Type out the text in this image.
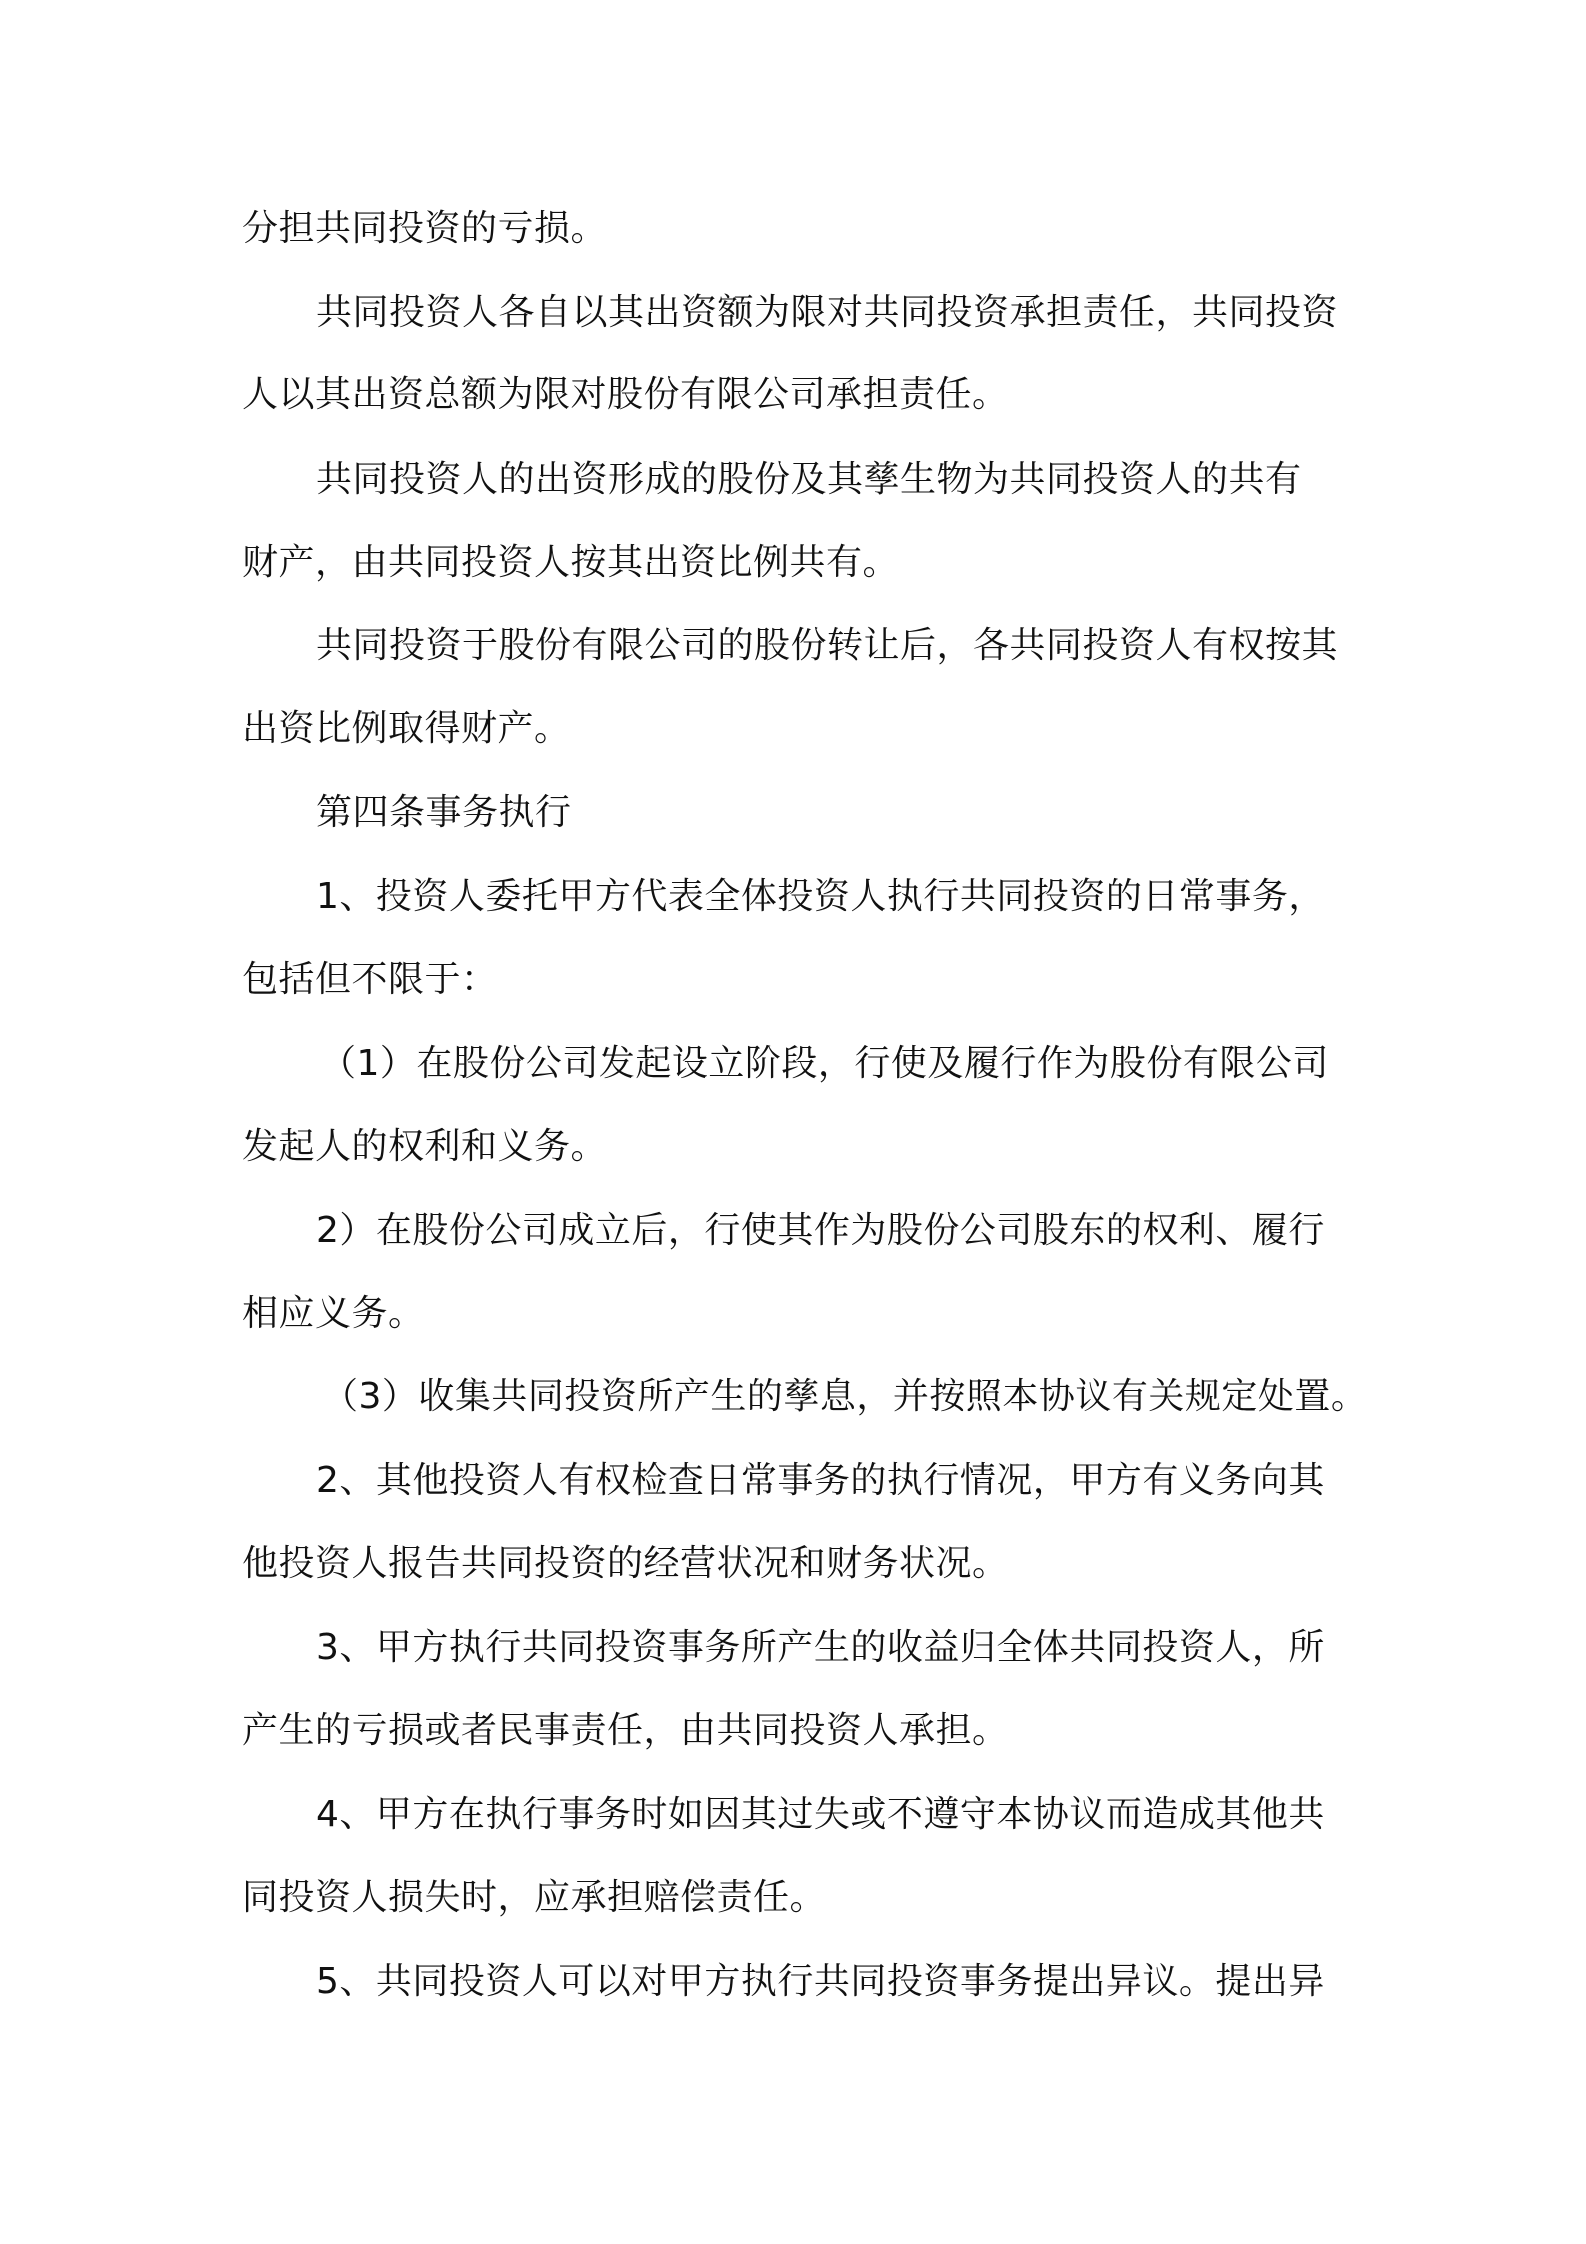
分担共同投资的亏损。

共同投资人各自以其出资额为限对共同投资承担责任，共同投资

人以其出资总额为限对股份有限公司承担责任。

共同投资人的出资形成的股份及其孳生物为共同投资人的共有

财产，由共同投资人按其出资比例共有。

共同投资于股份有限公司的股份转让后，各共同投资人有权按其

出资比例取得财产。

第四条事务执行

1、投资人委托甲方代表全体投资人执行共同投资的日常事务，

包括但不限于：

（1）在股份公司发起设立阶段，行使及履行作为股份有限公司

发起人的权利和义务。

2）在股份公司成立后，行使其作为股份公司股东的权利、履行

相应义务。

（3）收集共同投资所产生的孳息，并按照本协议有关规定处置。

2、其他投资人有权检查日常事务的执行情况，甲方有义务向其

他投资人报告共同投资的经营状况和财务状况。

3、甲方执行共同投资事务所产生的收益归全体共同投资人，所

产生的亏损或者民事责任，由共同投资人承担。

4、甲方在执行事务时如因其过失或不遵守本协议而造成其他共

同投资人损失时，应承担赔偿责任。

5、共同投资人可以对甲方执行共同投资事务提出异议。提出异
